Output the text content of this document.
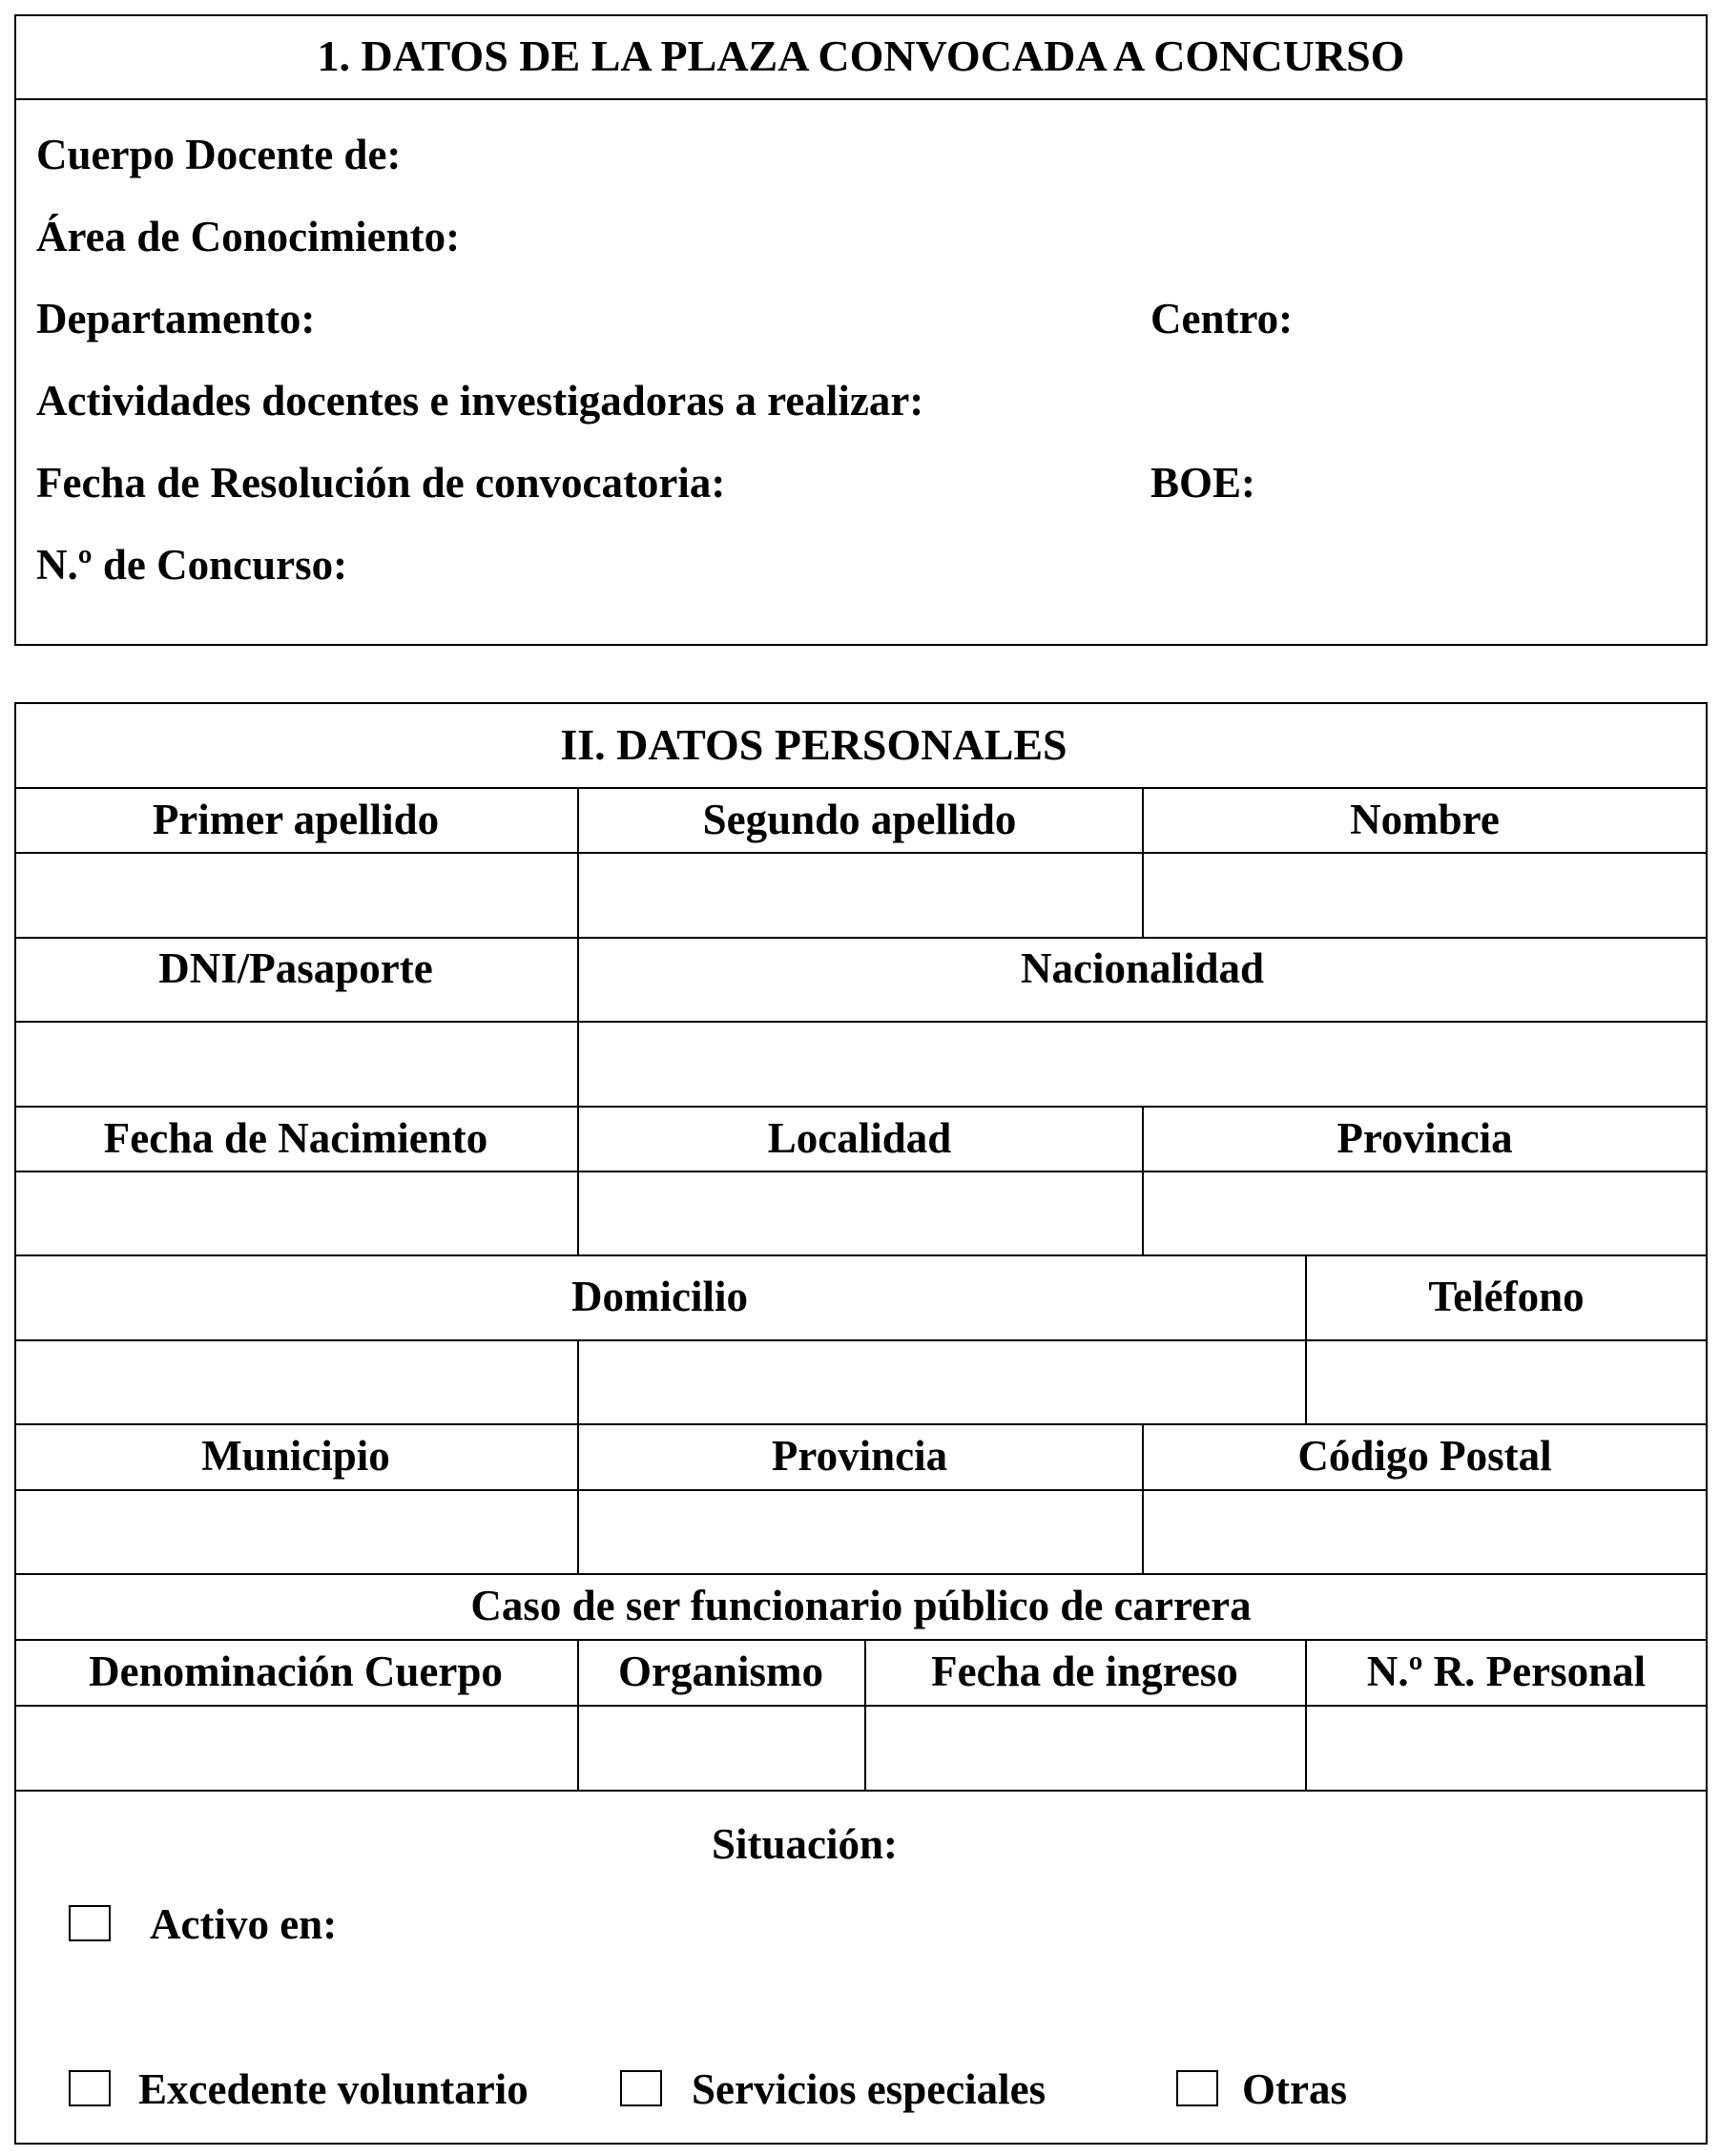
1. DATOS DE LA PLAZA CONVOCADA A CONCURSO
Cuerpo Docente de:
Área de Conocimiento:
Departamento:	Centro:
Actividades docentes e investigadoras a realizar:
Fecha de Resolución de convocatoria:	BOE:
N.º de Concurso:
II. DATOS PERSONALES
Primer apellido	Segundo apellido	Nombre
DNI/Pasaporte	Nacionalidad
Fecha de Nacimiento	Localidad	Provincia
Domicilio	Teléfono
Municipio	Provincia	Código Postal
Caso de ser funcionario público de carrera
Denominación Cuerpo	Organismo	Fecha de ingreso	N.º R. Personal
Situación:
Activo en:
Excedente voluntario	Servicios especiales	Otras
